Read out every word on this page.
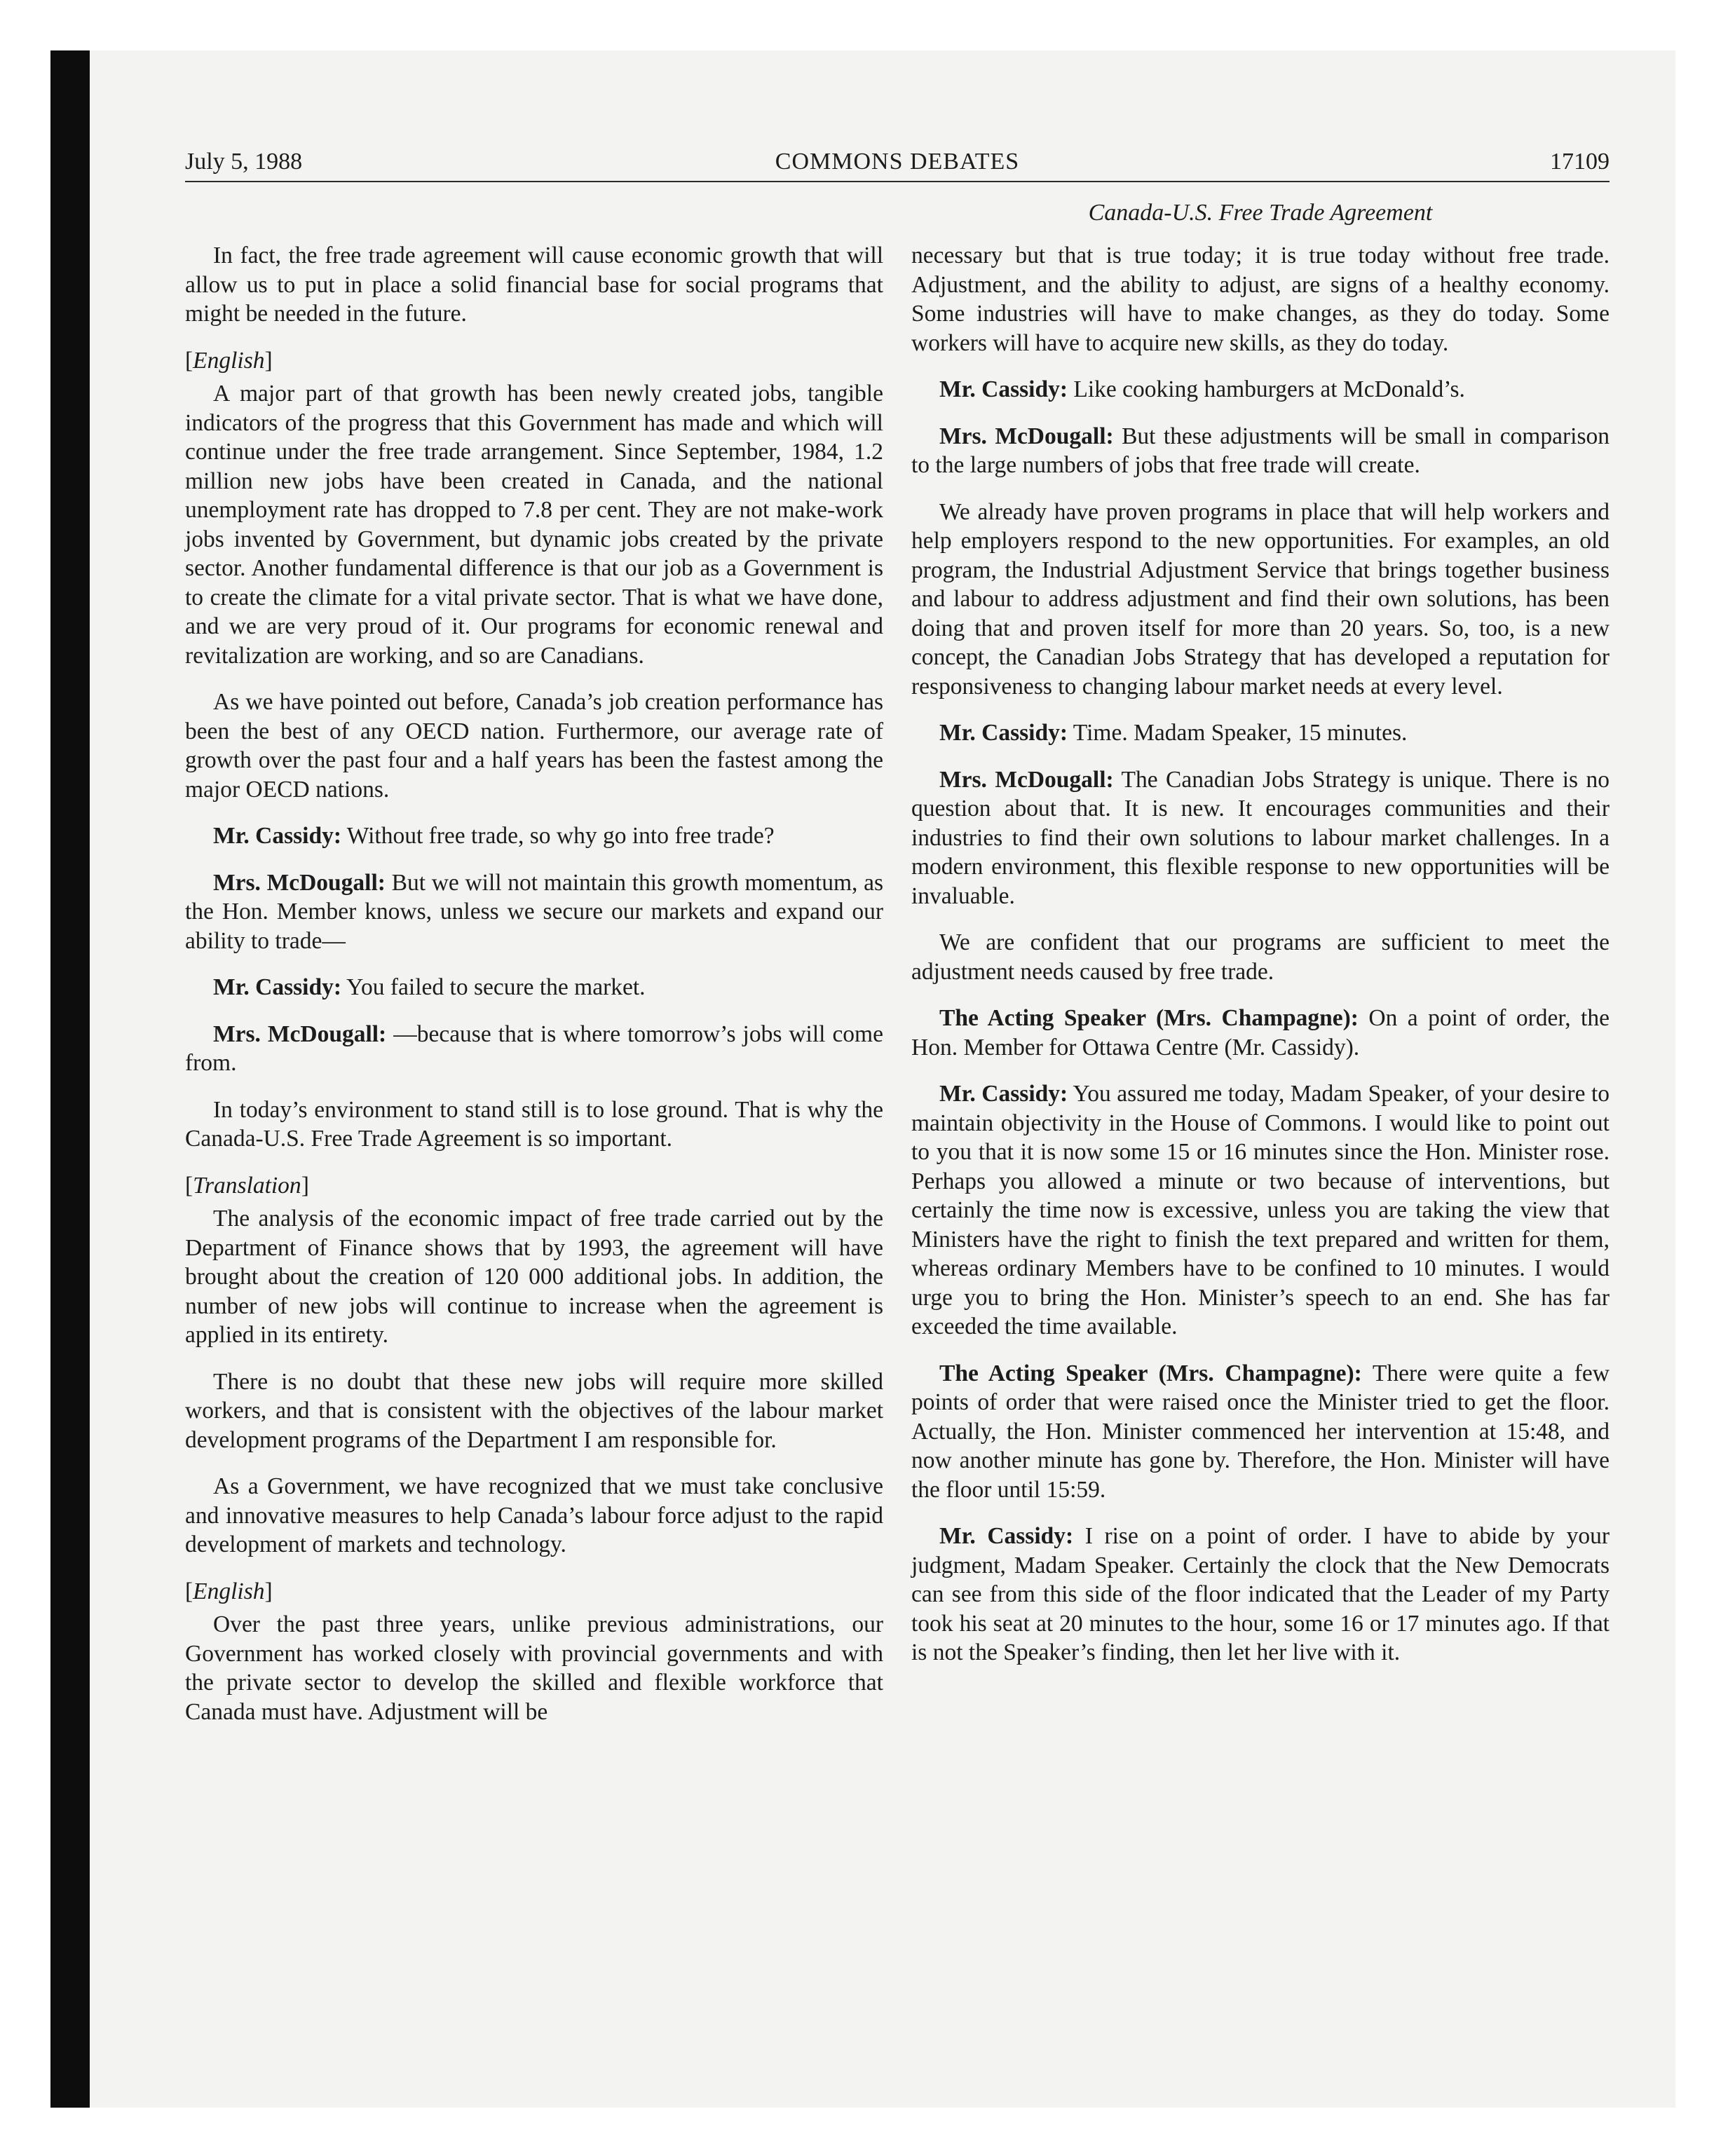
July 5, 1988	COMMONS DEBATES	17109
Canada-U.S. Free Trade Agreement

In fact, the free trade agreement will cause economic growth that will allow us to put in place a solid financial base for social programs that might be needed in the future.

[English]

A major part of that growth has been newly created jobs, tangible indicators of the progress that this Government has made and which will continue under the free trade arrangement. Since September, 1984, 1.2 million new jobs have been created in Canada, and the national unemployment rate has dropped to 7.8 per cent. They are not make-work jobs invented by Government, but dynamic jobs created by the private sector. Another fundamental difference is that our job as a Government is to create the climate for a vital private sector. That is what we have done, and we are very proud of it. Our programs for economic renewal and revitalization are working, and so are Canadians.

As we have pointed out before, Canada’s job creation performance has been the best of any OECD nation. Furthermore, our average rate of growth over the past four and a half years has been the fastest among the major OECD nations.

Mr. Cassidy: Without free trade, so why go into free trade?

Mrs. McDougall: But we will not maintain this growth momentum, as the Hon. Member knows, unless we secure our markets and expand our ability to trade—

Mr. Cassidy: You failed to secure the market.

Mrs. McDougall: —because that is where tomorrow’s jobs will come from.

In today’s environment to stand still is to lose ground. That is why the Canada-U.S. Free Trade Agreement is so important.

[Translation]

The analysis of the economic impact of free trade carried out by the Department of Finance shows that by 1993, the agreement will have brought about the creation of 120 000 additional jobs. In addition, the number of new jobs will continue to increase when the agreement is applied in its entirety.

There is no doubt that these new jobs will require more skilled workers, and that is consistent with the objectives of the labour market development programs of the Department I am responsible for.

As a Government, we have recognized that we must take conclusive and innovative measures to help Canada’s labour force adjust to the rapid development of markets and technology.

[English]

Over the past three years, unlike previous administrations, our Government has worked closely with provincial governments and with the private sector to develop the skilled and flexible workforce that Canada must have. Adjustment will be

necessary but that is true today; it is true today without free trade. Adjustment, and the ability to adjust, are signs of a healthy economy. Some industries will have to make changes, as they do today. Some workers will have to acquire new skills, as they do today.

Mr. Cassidy: Like cooking hamburgers at McDonald’s.

Mrs. McDougall: But these adjustments will be small in comparison to the large numbers of jobs that free trade will create.

We already have proven programs in place that will help workers and help employers respond to the new opportunities. For examples, an old program, the Industrial Adjustment Service that brings together business and labour to address adjustment and find their own solutions, has been doing that and proven itself for more than 20 years. So, too, is a new concept, the Canadian Jobs Strategy that has developed a reputation for responsiveness to changing labour market needs at every level.

Mr. Cassidy: Time. Madam Speaker, 15 minutes.

Mrs. McDougall: The Canadian Jobs Strategy is unique. There is no question about that. It is new. It encourages communities and their industries to find their own solutions to labour market challenges. In a modern environment, this flexible response to new opportunities will be invaluable.

We are confident that our programs are sufficient to meet the adjustment needs caused by free trade.

The Acting Speaker (Mrs. Champagne): On a point of order, the Hon. Member for Ottawa Centre (Mr. Cassidy).

Mr. Cassidy: You assured me today, Madam Speaker, of your desire to maintain objectivity in the House of Commons. I would like to point out to you that it is now some 15 or 16 minutes since the Hon. Minister rose. Perhaps you allowed a minute or two because of interventions, but certainly the time now is excessive, unless you are taking the view that Ministers have the right to finish the text prepared and written for them, whereas ordinary Members have to be confined to 10 minutes. I would urge you to bring the Hon. Minister’s speech to an end. She has far exceeded the time available.

The Acting Speaker (Mrs. Champagne): There were quite a few points of order that were raised once the Minister tried to get the floor. Actually, the Hon. Minister commenced her intervention at 15:48, and now another minute has gone by. Therefore, the Hon. Minister will have the floor until 15:59.

Mr. Cassidy: I rise on a point of order. I have to abide by your judgment, Madam Speaker. Certainly the clock that the New Democrats can see from this side of the floor indicated that the Leader of my Party took his seat at 20 minutes to the hour, some 16 or 17 minutes ago. If that is not the Speaker’s finding, then let her live with it.
